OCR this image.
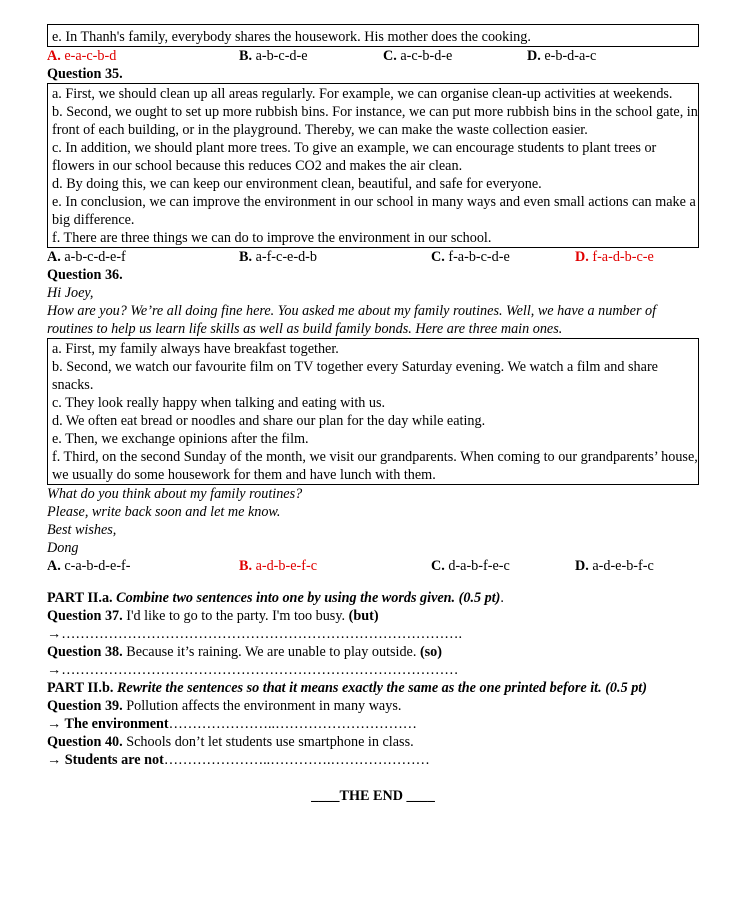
e. In Thanh's family, everybody shares the housework. His mother does the cooking.

A. e-a-c-b-d	B. a-b-c-d-e	C. a-c-b-d-e	D. e-b-d-a-c

Question 35.

a. First, we should clean up all areas regularly. For example, we can organise clean-up activities at weekends.

b. Second, we ought to set up more rubbish bins. For instance, we can put more rubbish bins in the school gate, in front of each building, or in the playground. Thereby, we can make the waste collection easier.

c. In addition, we should plant more trees. To give an example, we can encourage students to plant trees or flowers in our school because this reduces CO2 and makes the air clean.

d. By doing this, we can keep our environment clean, beautiful, and safe for everyone.

e. In conclusion, we can improve the environment in our school in many ways and even small actions can make a big difference.

f. There are three things we can do to improve the environment in our school.

A. a-b-c-d-e-f	B. a-f-c-e-d-b	C. f-a-b-c-d-e	D. f-a-d-b-c-e

Question 36.

Hi Joey,

How are you? We’re all doing fine here. You asked me about my family routines. Well, we have a number of routines to help us learn life skills as well as build family bonds. Here are three main ones.

a. First, my family always have breakfast together.

b. Second, we watch our favourite film on TV together every Saturday evening. We watch a film and share snacks.

c. They look really happy when talking and eating with us.

d. We often eat bread or noodles and share our plan for the day while eating.

e. Then, we exchange opinions after the film.

f. Third, on the second Sunday of the month, we visit our grandparents. When coming to our grandparents’ house, we usually do some housework for them and have lunch with them.

What do you think about my family routines?

Please, write back soon and let me know.

Best wishes,

Dong

A. c-a-b-d-e-f-	B. a-d-b-e-f-c	C. d-a-b-f-e-c	D. a-d-e-b-f-c

PART II.a. Combine two sentences into one by using the words given. (0.5 pt).

Question 37. I'd like to go to the party. I'm too busy. (but)

→………………………………………………………………………….

Question 38. Because it’s raining. We are unable to play outside. (so)

→…………………………………………………………………………

PART II.b. Rewrite the sentences so that it means exactly the same as the one printed before it. (0.5 pt)

Question 39. Pollution affects the environment in many ways.

→ The environment…………………..…………………………

Question 40. Schools don’t let students use smartphone in class.

→ Students are not…………………..………….…………………

____THE END ____
